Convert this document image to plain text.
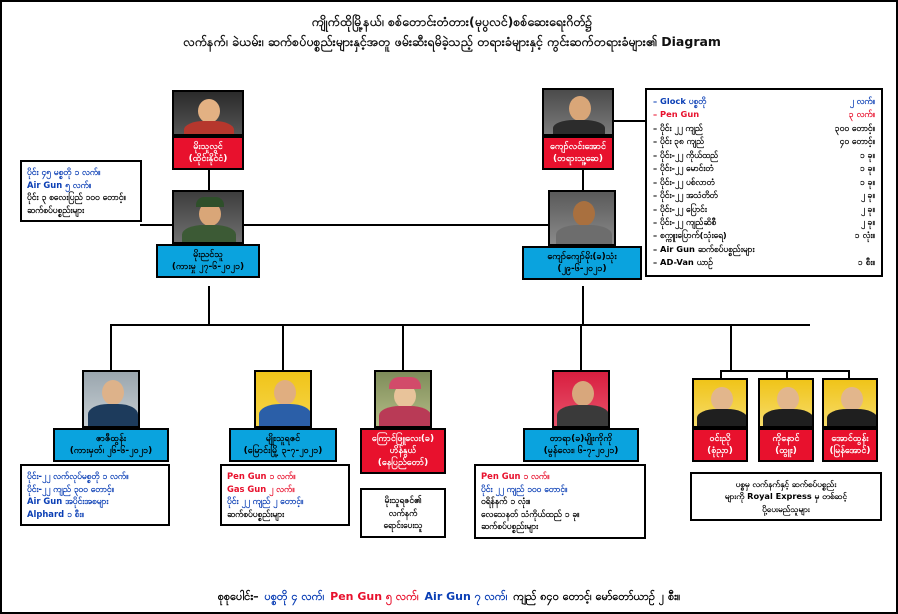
ကျိုက်ထိုမြို့နယ်၊ စစ်တောင်းတံတား(မုပွလင်)စစ်ဆေးရေးဂိတ်၌
လက်နက်၊ ခဲယမ်း၊ ဆက်စပ်ပစ္စည်းများနှင့်အတူ ဖမ်းဆီးရမိခဲ့သည့် တရားခံများနှင့် ကွင်းဆက်တရားခံများ၏ Diagram
မိုးသူလွင်
(ထိုင်းနိုင်ငံ)
ကျော်လင်းအောင်
(တရားသူ့ဆေ)
မိုးညင်သူ
(ကားမှု ၂၇-၆-၂၀၂၁)
ကျော်ကျော်မိုး(ခ)သုံး
(၂၉-၆-၂၀၂၁)
ပိုင်း ၄၅ မစ္စတို ၁ လက်။
Air Gun ၅ လက်။
ပိုင်း ၃ စလေးပြည် ၁၀၀ တောင့်။
ဆက်စပ်ပစ္စည်းများ
– Glock ပစ္စတို	၂ လက်။
– Pen Gun	၃ လက်။
– ပိုင်း ၂၂ ကျည်	၃၀၀ တောင့်။
– ပိုင်း ၃၈ ကျည်	၄၀ တောင့်။
– ပိုင်း-၂၂ ကိုယ်ထည်	၁ ခု။
– ပိုင်း-၂၂ မောင်းတံ	၁ ခု။
– ပိုင်း-၂၂ ပစ်လာတံ	၁ ခု။
– ပိုင်း-၂၂ အသံတိတ်	၂ ခု။
– ပိုင်း-၂၂ ပြောင်း	၂ ခု။
– ပိုင်း-၂၂ ကျည်ဆိစီ	၂ ခု။
– စက္ကူးပြောက်(သုံးရေ)	၁ လုံး။
– Air Gun ဆက်စပ်ပစ္စည်းများ
– AD-Van ယာဉ်	၁ စီး။
ဇာဇီထွန်း
(ကားမှတ်၊ ၂၆-၆-၂၀၂၁)
ပိုင်း-၂၂ လက်လုပ်မစ္စတို ၁ လက်။
ပိုင်း-၂၂ ကျည် ၃၀၀ တောင့်။
Air Gun အပိုင်းအစများ
Alphard ၁ စီး။
မျိုးသူရဇင်
(မြောင်းမြို့ ၃-၇-၂၀၂၁)
Pen Gun ၁ လက်။
Gas Gun ၂ လက်။
ပိုင်း ၂၂ ကျည် ၂ တောင့်။
ဆက်စပ်ပစ္စည်းများ
ကြောင်ဖြူလေး(ခ)
ဟိန်နွယ်
(နေပြည်တော်)
မိုးသူရဇင်၏
လက်နက်
ရောင်းပေးသူ
တာရာ(ခ)မျိုးကိုကို
(မွန်လေး၊ ၆-၇-၂၀၂၁)
Pen Gun ၁ လက်။
ပိုင်း ၂၂ ကျည် ၁၀၀ တောင့်။
ဝရိန်နက် ၁ လုံး။
လေသေနတ် သံကိုယ်ထည် ၁ ခု။
ဆက်စပ်ပစ္စည်းများ
ဝင်းညို
(စုံညှာ)
ကိုနောင်
(ထွူး)
အောင်ထွန်း
(မြန်အောင်)
ပစ္စမှ လက်နက်နှင့် ဆက်စပ်ပစ္စည်း
များကို Royal Express မှ တစ်ဆင့်
ပို့ပေးမည်သူများ
စုစုပေါင်း– ပစ္စတို ၄ လက်၊ Pen Gun ၅ လက်၊ Air Gun ၇ လက်၊ ကျည် ၈၄၀ တောင့်၊ မော်တော်ယာဉ် ၂ စီး။
